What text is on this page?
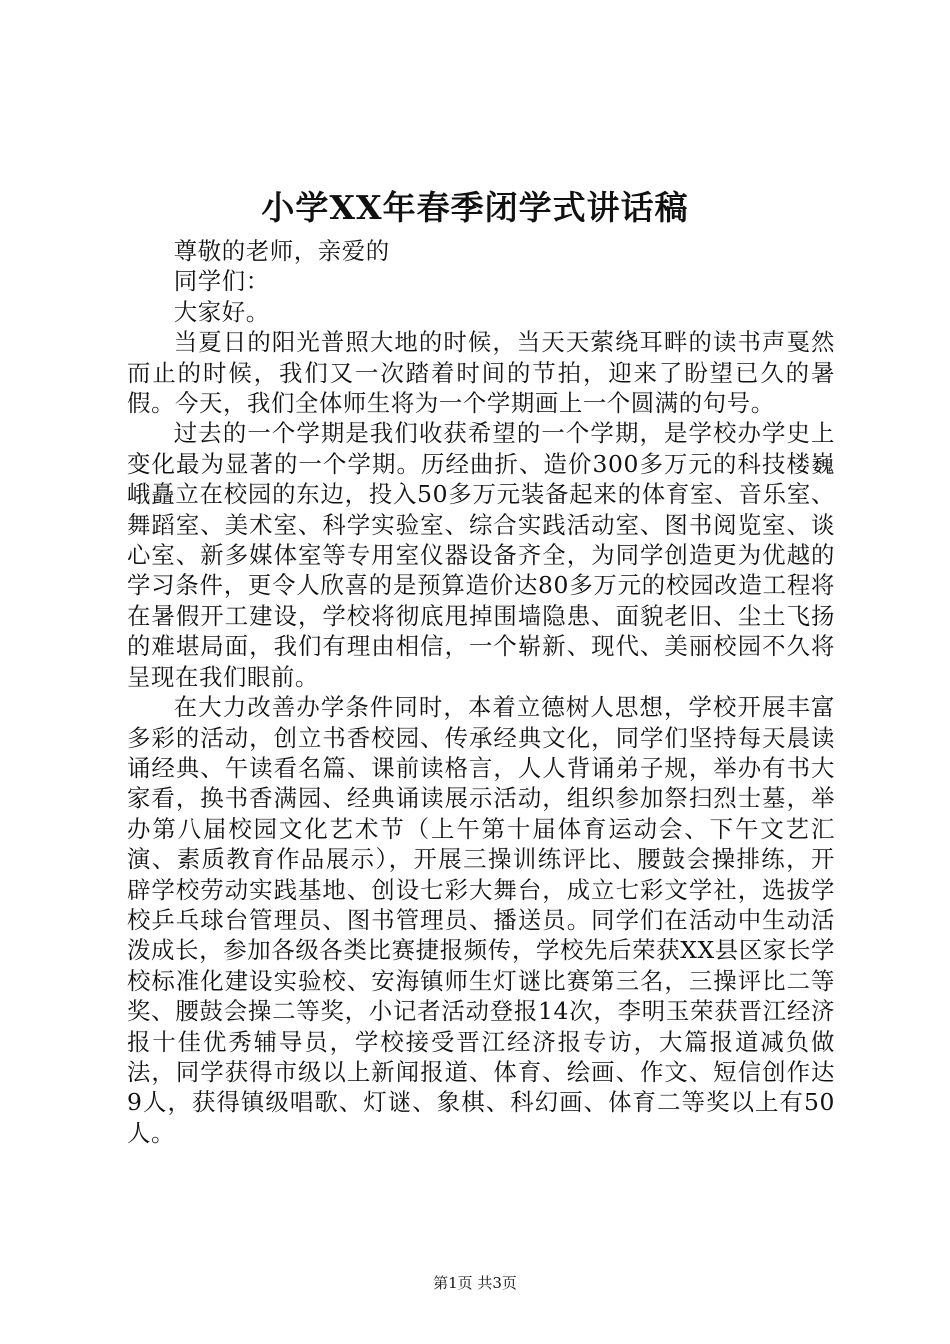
小学XX年春季闭学式讲话稿

尊敬的老师，亲爱的

同学们：

大家好。

当夏日的阳光普照大地的时候，当天天萦绕耳畔的读书声戛然而止的时候，我们又一次踏着时间的节拍，迎来了盼望已久的暑假。今天，我们全体师生将为一个学期画上一个圆满的句号。

过去的一个学期是我们收获希望的一个学期，是学校办学史上变化最为显著的一个学期。历经曲折、造价300多万元的科技楼巍峨矗立在校园的东边，投入50多万元装备起来的体育室、音乐室、舞蹈室、美术室、科学实验室、综合实践活动室、图书阅览室、谈心室、新多媒体室等专用室仪器设备齐全，为同学创造更为优越的学习条件，更令人欣喜的是预算造价达80多万元的校园改造工程将在暑假开工建设，学校将彻底甩掉围墙隐患、面貌老旧、尘土飞扬的难堪局面，我们有理由相信，一个崭新、现代、美丽校园不久将呈现在我们眼前。

在大力改善办学条件同时，本着立德树人思想，学校开展丰富多彩的活动，创立书香校园、传承经典文化，同学们坚持每天晨读诵经典、午读看名篇、课前读格言，人人背诵弟子规，举办有书大家看，换书香满园、经典诵读展示活动，组织参加祭扫烈士墓，举办第八届校园文化艺术节（上午第十届体育运动会、下午文艺汇演、素质教育作品展示），开展三操训练评比、腰鼓会操排练，开辟学校劳动实践基地、创设七彩大舞台，成立七彩文学社，选拔学校乒乓球台管理员、图书管理员、播送员。同学们在活动中生动活泼成长，参加各级各类比赛捷报频传，学校先后荣获XX县区家长学校标准化建设实验校、安海镇师生灯谜比赛第三名，三操评比二等奖、腰鼓会操二等奖，小记者活动登报14次，李明玉荣获晋江经济报十佳优秀辅导员，学校接受晋江经济报专访，大篇报道减负做法，同学获得市级以上新闻报道、体育、绘画、作文、短信创作达9人，获得镇级唱歌、灯谜、象棋、科幻画、体育二等奖以上有50人。

第1页 共3页
